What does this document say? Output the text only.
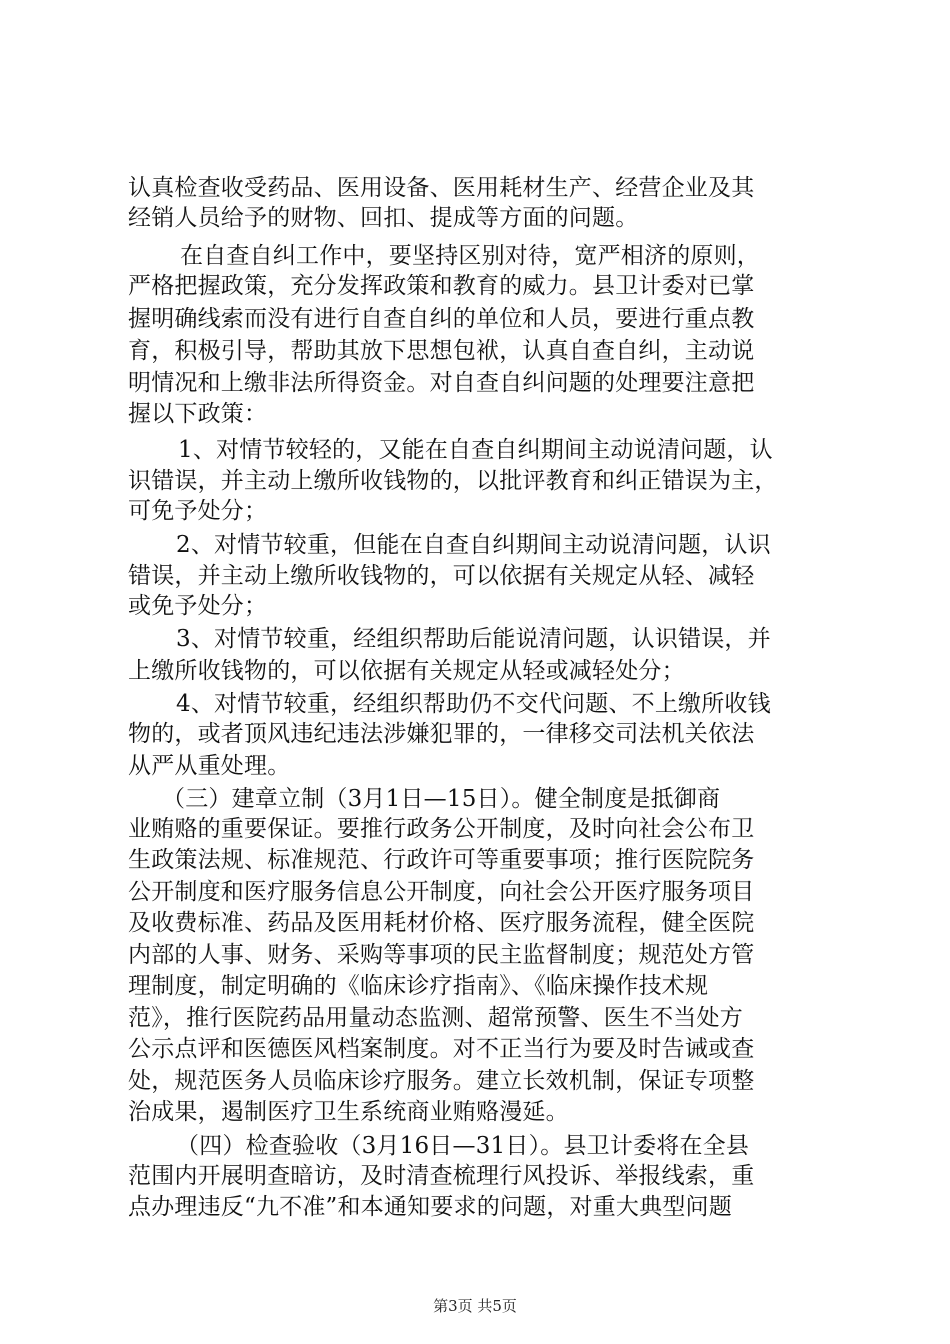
认真检查收受药品、医用设备、医用耗材生产、经营企业及其
经销人员给予的财物、回扣、提成等方面的问题。
在自查自纠工作中，要坚持区别对待，宽严相济的原则，
严格把握政策，充分发挥政策和教育的威力。县卫计委对已掌
握明确线索而没有进行自查自纠的单位和人员，要进行重点教
育，积极引导，帮助其放下思想包袱，认真自查自纠，主动说
明情况和上缴非法所得资金。对自查自纠问题的处理要注意把
握以下政策：
1、对情节较轻的，又能在自查自纠期间主动说清问题，认
识错误，并主动上缴所收钱物的，以批评教育和纠正错误为主，
可免予处分；
2、对情节较重，但能在自查自纠期间主动说清问题，认识
错误，并主动上缴所收钱物的，可以依据有关规定从轻、减轻
或免予处分；
3、对情节较重，经组织帮助后能说清问题，认识错误，并
上缴所收钱物的，可以依据有关规定从轻或减轻处分；
4、对情节较重，经组织帮助仍不交代问题、不上缴所收钱
物的，或者顶风违纪违法涉嫌犯罪的，一律移交司法机关依法
从严从重处理。
（三）建章立制（3月1日—15日）。健全制度是抵御商
业贿赂的重要保证。要推行政务公开制度，及时向社会公布卫
生政策法规、标准规范、行政许可等重要事项；推行医院院务
公开制度和医疗服务信息公开制度，向社会公开医疗服务项目
及收费标准、药品及医用耗材价格、医疗服务流程，健全医院
内部的人事、财务、采购等事项的民主监督制度；规范处方管
理制度，制定明确的《临床诊疗指南》、《临床操作技术规
范》，推行医院药品用量动态监测、超常预警、医生不当处方
公示点评和医德医风档案制度。对不正当行为要及时告诫或查
处，规范医务人员临床诊疗服务。建立长效机制，保证专项整
治成果，遏制医疗卫生系统商业贿赂漫延。
（四）检查验收（3月16日—31日）。县卫计委将在全县
范围内开展明查暗访，及时清查梳理行风投诉、举报线索，重
点办理违反“九不准”和本通知要求的问题，对重大典型问题
第3页 共5页
